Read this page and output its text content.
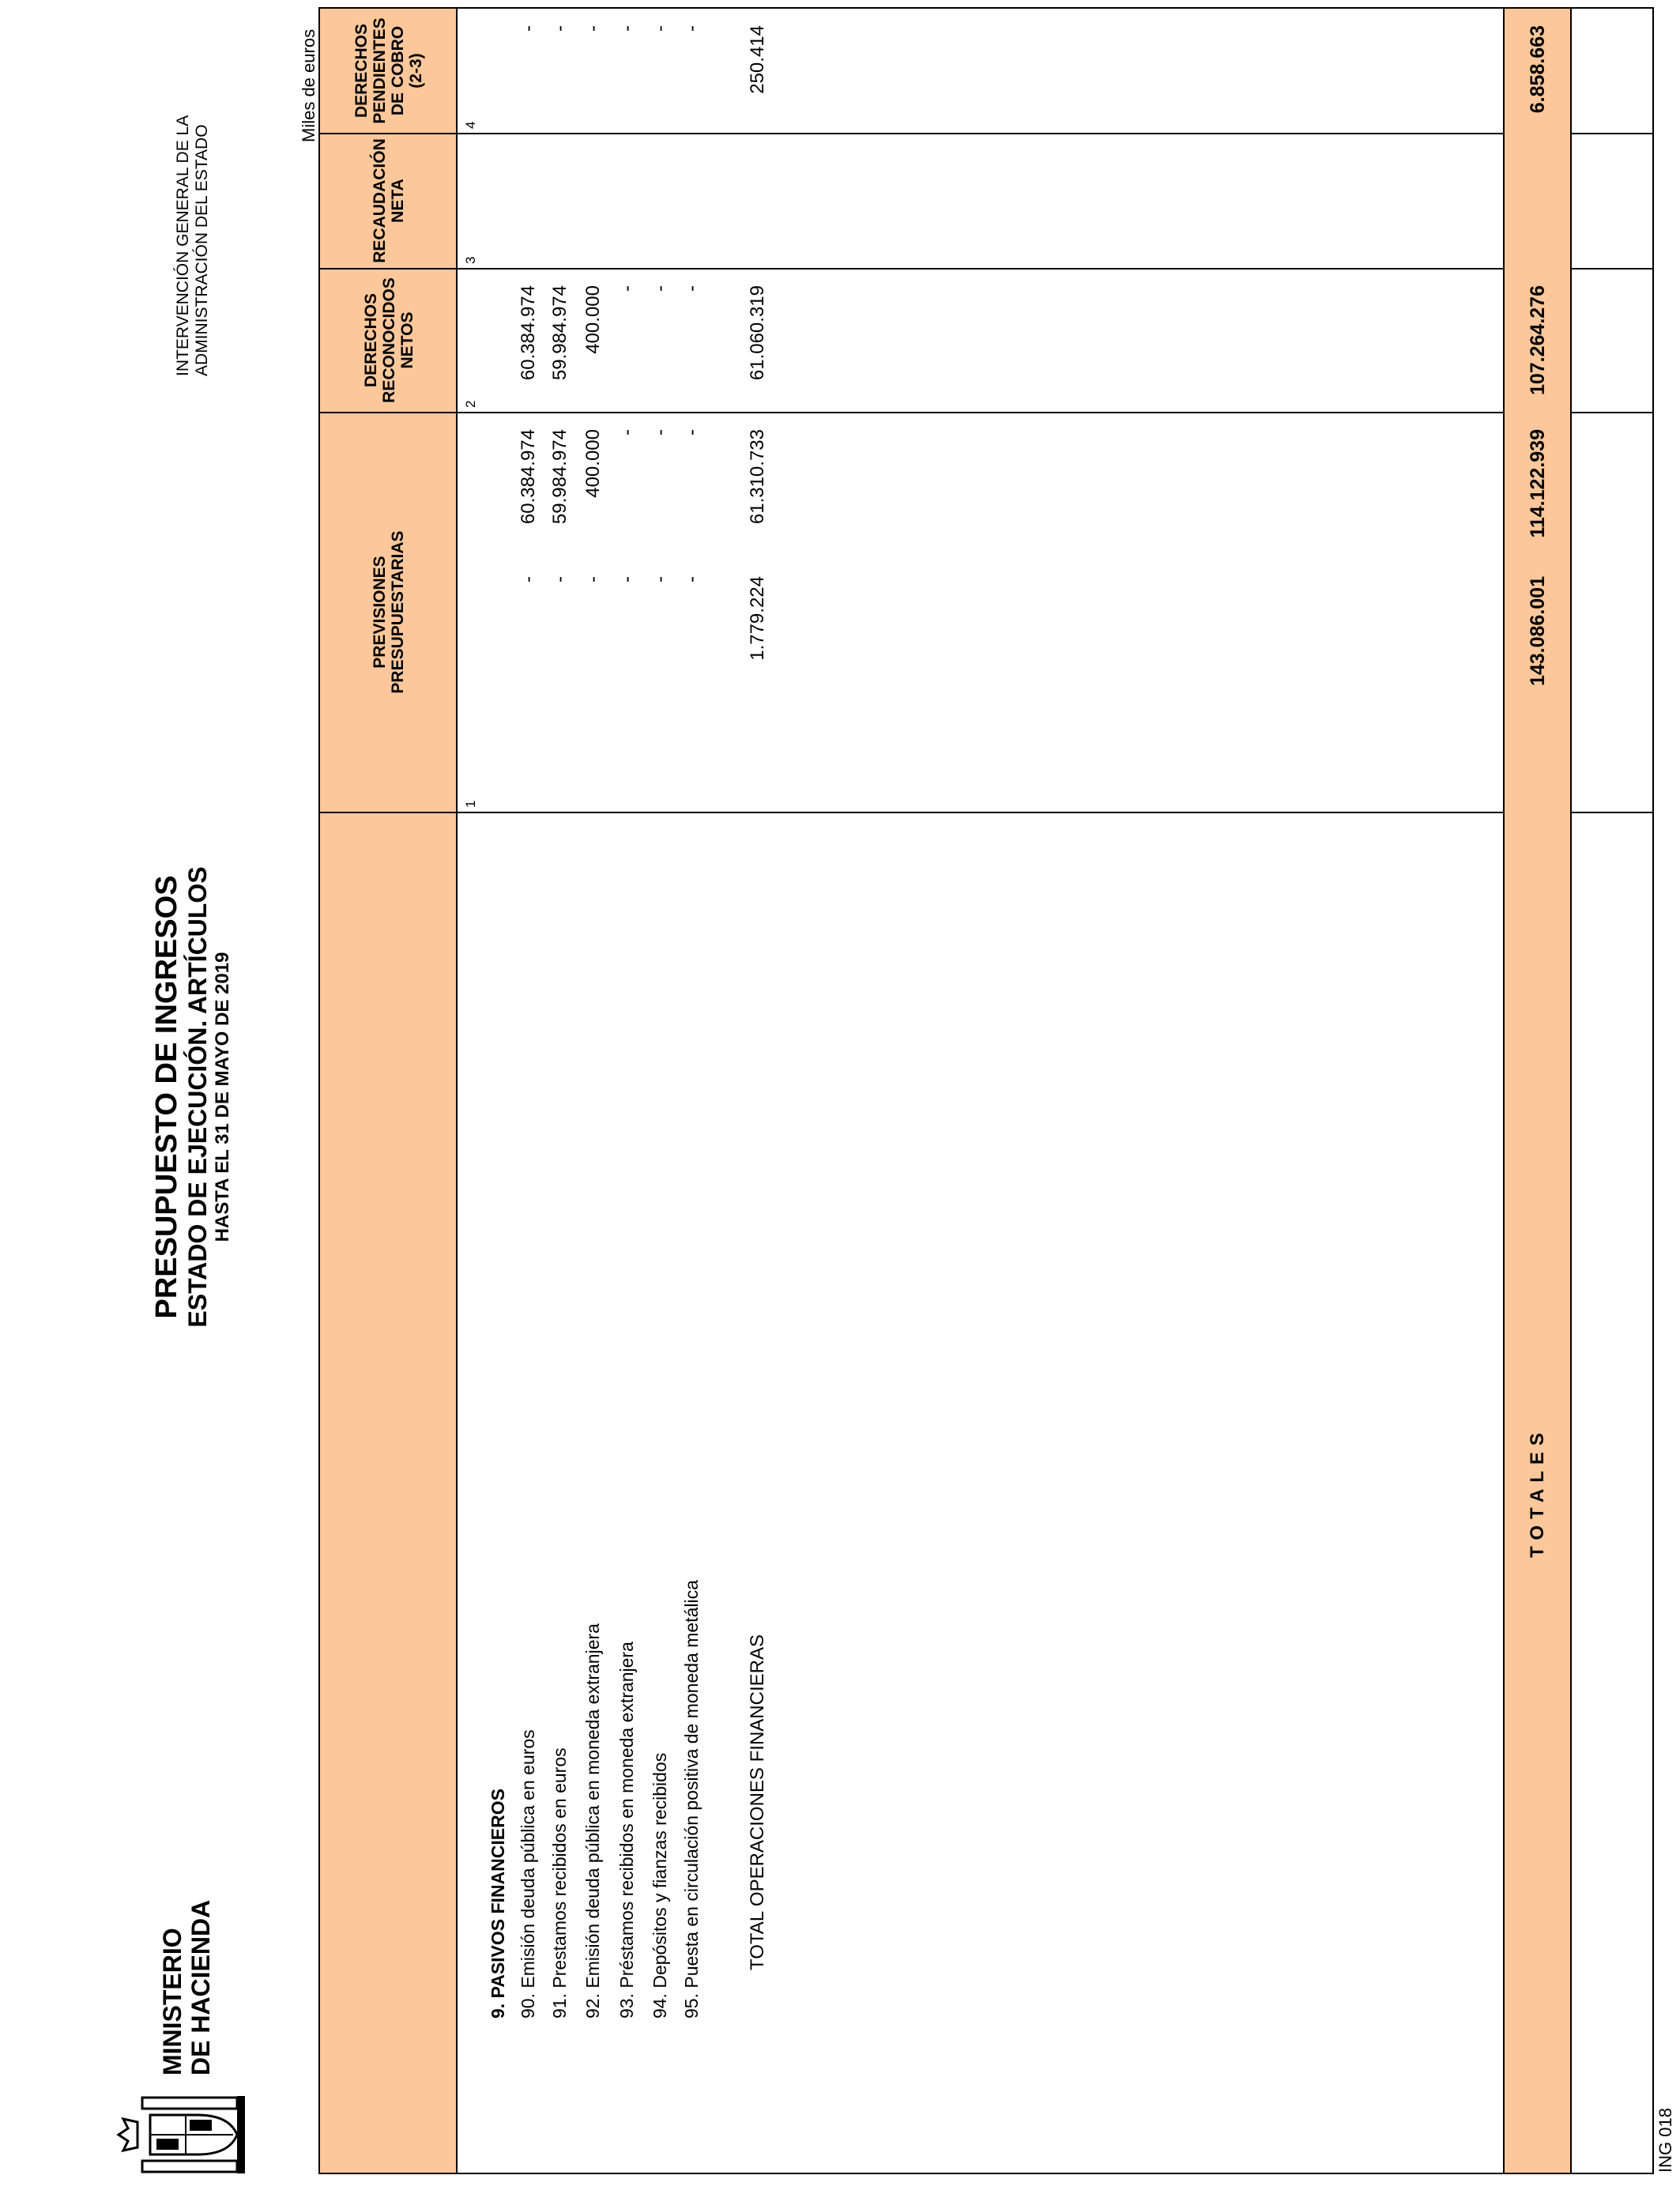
MINISTERIO DE HACIENDA
PRESUPUESTO DE INGRESOS ESTADO DE EJECUCIÓN. ARTÍCULOS HASTA EL 31 DE MAYO DE 2019
INTERVENCIÓN GENERAL DE LA ADMINISTRACIÓN DEL ESTADO
Miles de euros
PREVISIONES PRESUPUESTARIAS
DERECHOS RECONOCIDOS NETOS
RECAUDACIÓN NETA
DERECHOS PENDIENTES DE COBRO (2-3)
1
2
3
4
9. PASIVOS FINANCIEROS 90. Emisión deuda pública en euros
-
60.384.974
60.384.974
-
91. Prestamos recibidos en euros
-
59.984.974
59.984.974
-
92. Emisión deuda pública en moneda extranjera
-
400.000
400.000
-
93. Préstamos recibidos en moneda extranjera
-
-
-
-
94. Depósitos y fianzas recibidos
-
-
-
-
95. Puesta en circulación positiva de moneda metálica
-
-
-
-
TOTAL OPERACIONES FINANCIERAS
1.779.224
61.310.733
61.060.319
250.414
TOTALES
143.086.001
114.122.939
107.264.276
6.858.663
ING 018
